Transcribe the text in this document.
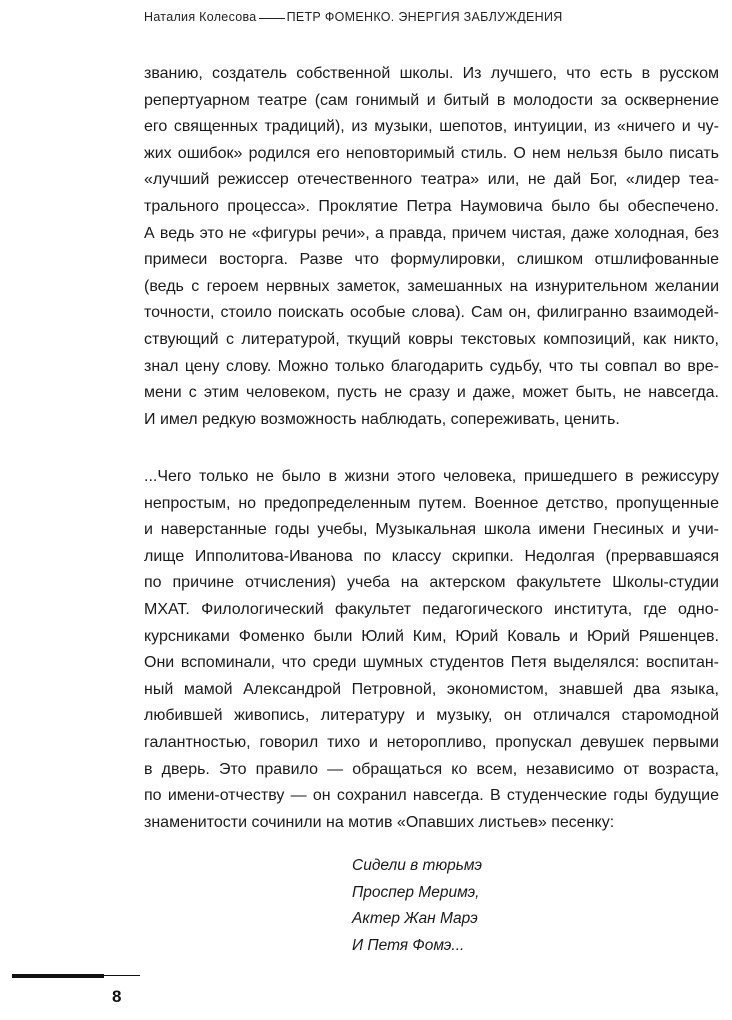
Наталия Колесова ПЕТР ФОМЕНКО. ЭНЕРГИЯ ЗАБЛУЖДЕНИЯ
званию, создатель собственной школы. Из лучшего, что есть в русском
репертуарном театре (сам гонимый и битый в молодости за осквернение
его священных традиций), из музыки, шепотов, интуиции, из «ничего и чу-
жих ошибок» родился его неповторимый стиль. О нем нельзя было писать
«лучший режиссер отечественного театра» или, не дай Бог, «лидер теа-
трального процесса». Проклятие Петра Наумовича было бы обеспечено.
А ведь это не «фигуры речи», а правда, причем чистая, даже холодная, без
примеси восторга. Разве что формулировки, слишком отшлифованные
(ведь с героем нервных заметок, замешанных на изнурительном желании
точности, стоило поискать особые слова). Сам он, филигранно взаимодей-
ствующий с литературой, ткущий ковры текстовых композиций, как никто,
знал цену слову. Можно только благодарить судьбу, что ты совпал во вре-
мени с этим человеком, пусть не сразу и даже, может быть, не навсегда.
И имел редкую возможность наблюдать, сопереживать, ценить.
...Чего только не было в жизни этого человека, пришедшего в режиссуру
непростым, но предопределенным путем. Военное детство, пропущенные
и наверстанные годы учебы, Музыкальная школа имени Гнесиных и учи-
лище Ипполитова-Иванова по классу скрипки. Недолгая (прервавшаяся
по причине отчисления) учеба на актерском факультете Школы-студии
МХАТ. Филологический факультет педагогического института, где одно-
курсниками Фоменко были Юлий Ким, Юрий Коваль и Юрий Ряшенцев.
Они вспоминали, что среди шумных студентов Петя выделялся: воспитан-
ный мамой Александрой Петровной, экономистом, знавшей два языка,
любившей живопись, литературу и музыку, он отличался старомодной
галантностью, говорил тихо и неторопливо, пропускал девушек первыми
в дверь. Это правило — обращаться ко всем, независимо от возраста,
по имени-отчеству — он сохранил навсегда. В студенческие годы будущие
знаменитости сочинили на мотив «Опавших листьев» песенку:
Сидели в тюрьмэ
Проспер Меримэ,
Актер Жан Марэ
И Петя Фомэ...
8
